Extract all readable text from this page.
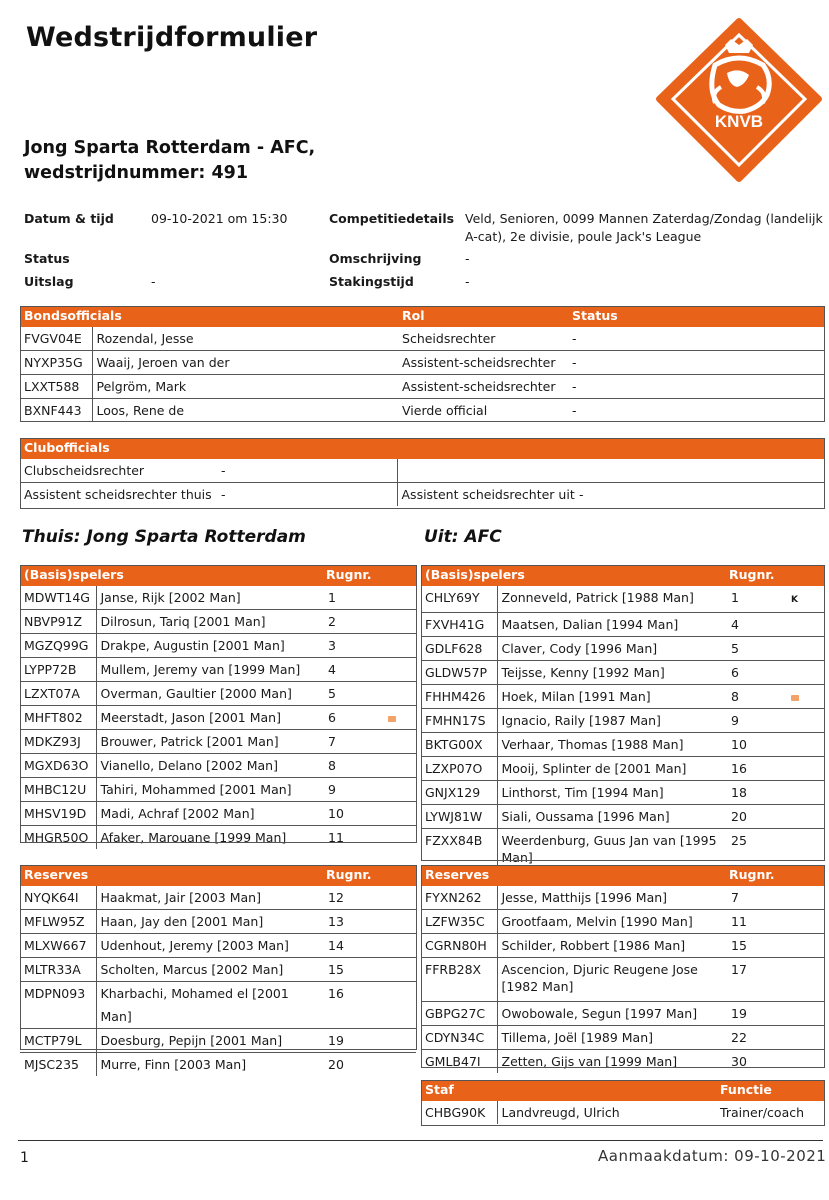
Wedstrijdformulier
KNVB
Jong Sparta Rotterdam - AFC,
wedstrijdnummer: 491
Datum & tijd	09-10-2021 om 15:30
Status
Uitslag	-
Competitiedetails Veld, Senioren, 0099 Mannen Zaterdag/Zondag (landelijk
A-cat), 2e divisie, poule Jack's League
Omschrijving	-
Stakingstijd	-
Bondsofficials		Rol	Status
FVGV04E	Rozendal, Jesse	Scheidsrechter	-
NYXP35G	Waaij, Jeroen van der	Assistent-scheidsrechter	-
LXXT588	Pelgröm, Mark	Assistent-scheidsrechter	-
BXNF443	Loos, Rene de	Vierde official	-
Clubofficials			
Clubscheidsrechter	-		
Assistent scheidsrechter thuis	-	Assistent scheidsrechter uit	-
Thuis: Jong Sparta Rotterdam	Uit: AFC
(Basis)spelers		Rugnr.
MDWT14G	Janse, Rijk [2002 Man]	1
NBVP91Z	Dilrosun, Tariq [2001 Man]	2
MGZQ99G	Drakpe, Augustin [2001 Man]	3
LYPP72B	Mullem, Jeremy van [1999 Man]	4
LZXT07A	Overman, Gaultier [2000 Man]	5
MHFT802	Meerstadt, Jason [2001 Man]	6
MDKZ93J	Brouwer, Patrick [2001 Man]	7
MGXD63O	Vianello, Delano [2002 Man]	8
MHBC12U	Tahiri, Mohammed [2001 Man]	9
MHSV19D	Madi, Achraf [2002 Man]	10
MHGR50O	Afaker, Marouane [1999 Man]	11
(Basis)spelers		Rugnr.
CHLY69Y	Zonneveld, Patrick [1988 Man]	1 K
FXVH41G	Maatsen, Dalian [1994 Man]	4
GDLF628	Claver, Cody [1996 Man]	5
GLDW57P	Teijsse, Kenny [1992 Man]	6
FHHM426	Hoek, Milan [1991 Man]	8
FMHN17S	Ignacio, Raily [1987 Man]	9
BKTG00X	Verhaar, Thomas [1988 Man]	10
LZXP07O	Mooij, Splinter de [2001 Man]	16
GNJX129	Linthorst, Tim [1994 Man]	18
LYWJ81W	Siali, Oussama [1996 Man]	20
FZXX84B	Weerdenburg, Guus Jan van [1995 Man]	25
Reserves		Rugnr.
NYQK64I	Haakmat, Jair [2003 Man]	12
MFLW95Z	Haan, Jay den [2001 Man]	13
MLXW667	Udenhout, Jeremy [2003 Man]	14
MLTR33A	Scholten, Marcus [2002 Man]	15
MDPN093	Kharbachi, Mohamed el [2001 Man]	16
MCTP79L	Doesburg, Pepijn [2001 Man]	19
MJSC235	Murre, Finn [2003 Man]	20
Reserves		Rugnr.
FYXN262	Jesse, Matthijs [1996 Man]	7
LZFW35C	Grootfaam, Melvin [1990 Man]	11
CGRN80H	Schilder, Robbert [1986 Man]	15
FFRB28X	Ascencion, Djuric Reugene Jose [1982 Man]	17
GBPG27C	Owobowale, Segun [1997 Man]	19
CDYN34C	Tillema, Joël [1989 Man]	22
GMLB47I	Zetten, Gijs van [1999 Man]	30
Staf		Functie
CHBG90K	Landvreugd, Ulrich	Trainer/coach
1	Aanmaakdatum: 09-10-2021
